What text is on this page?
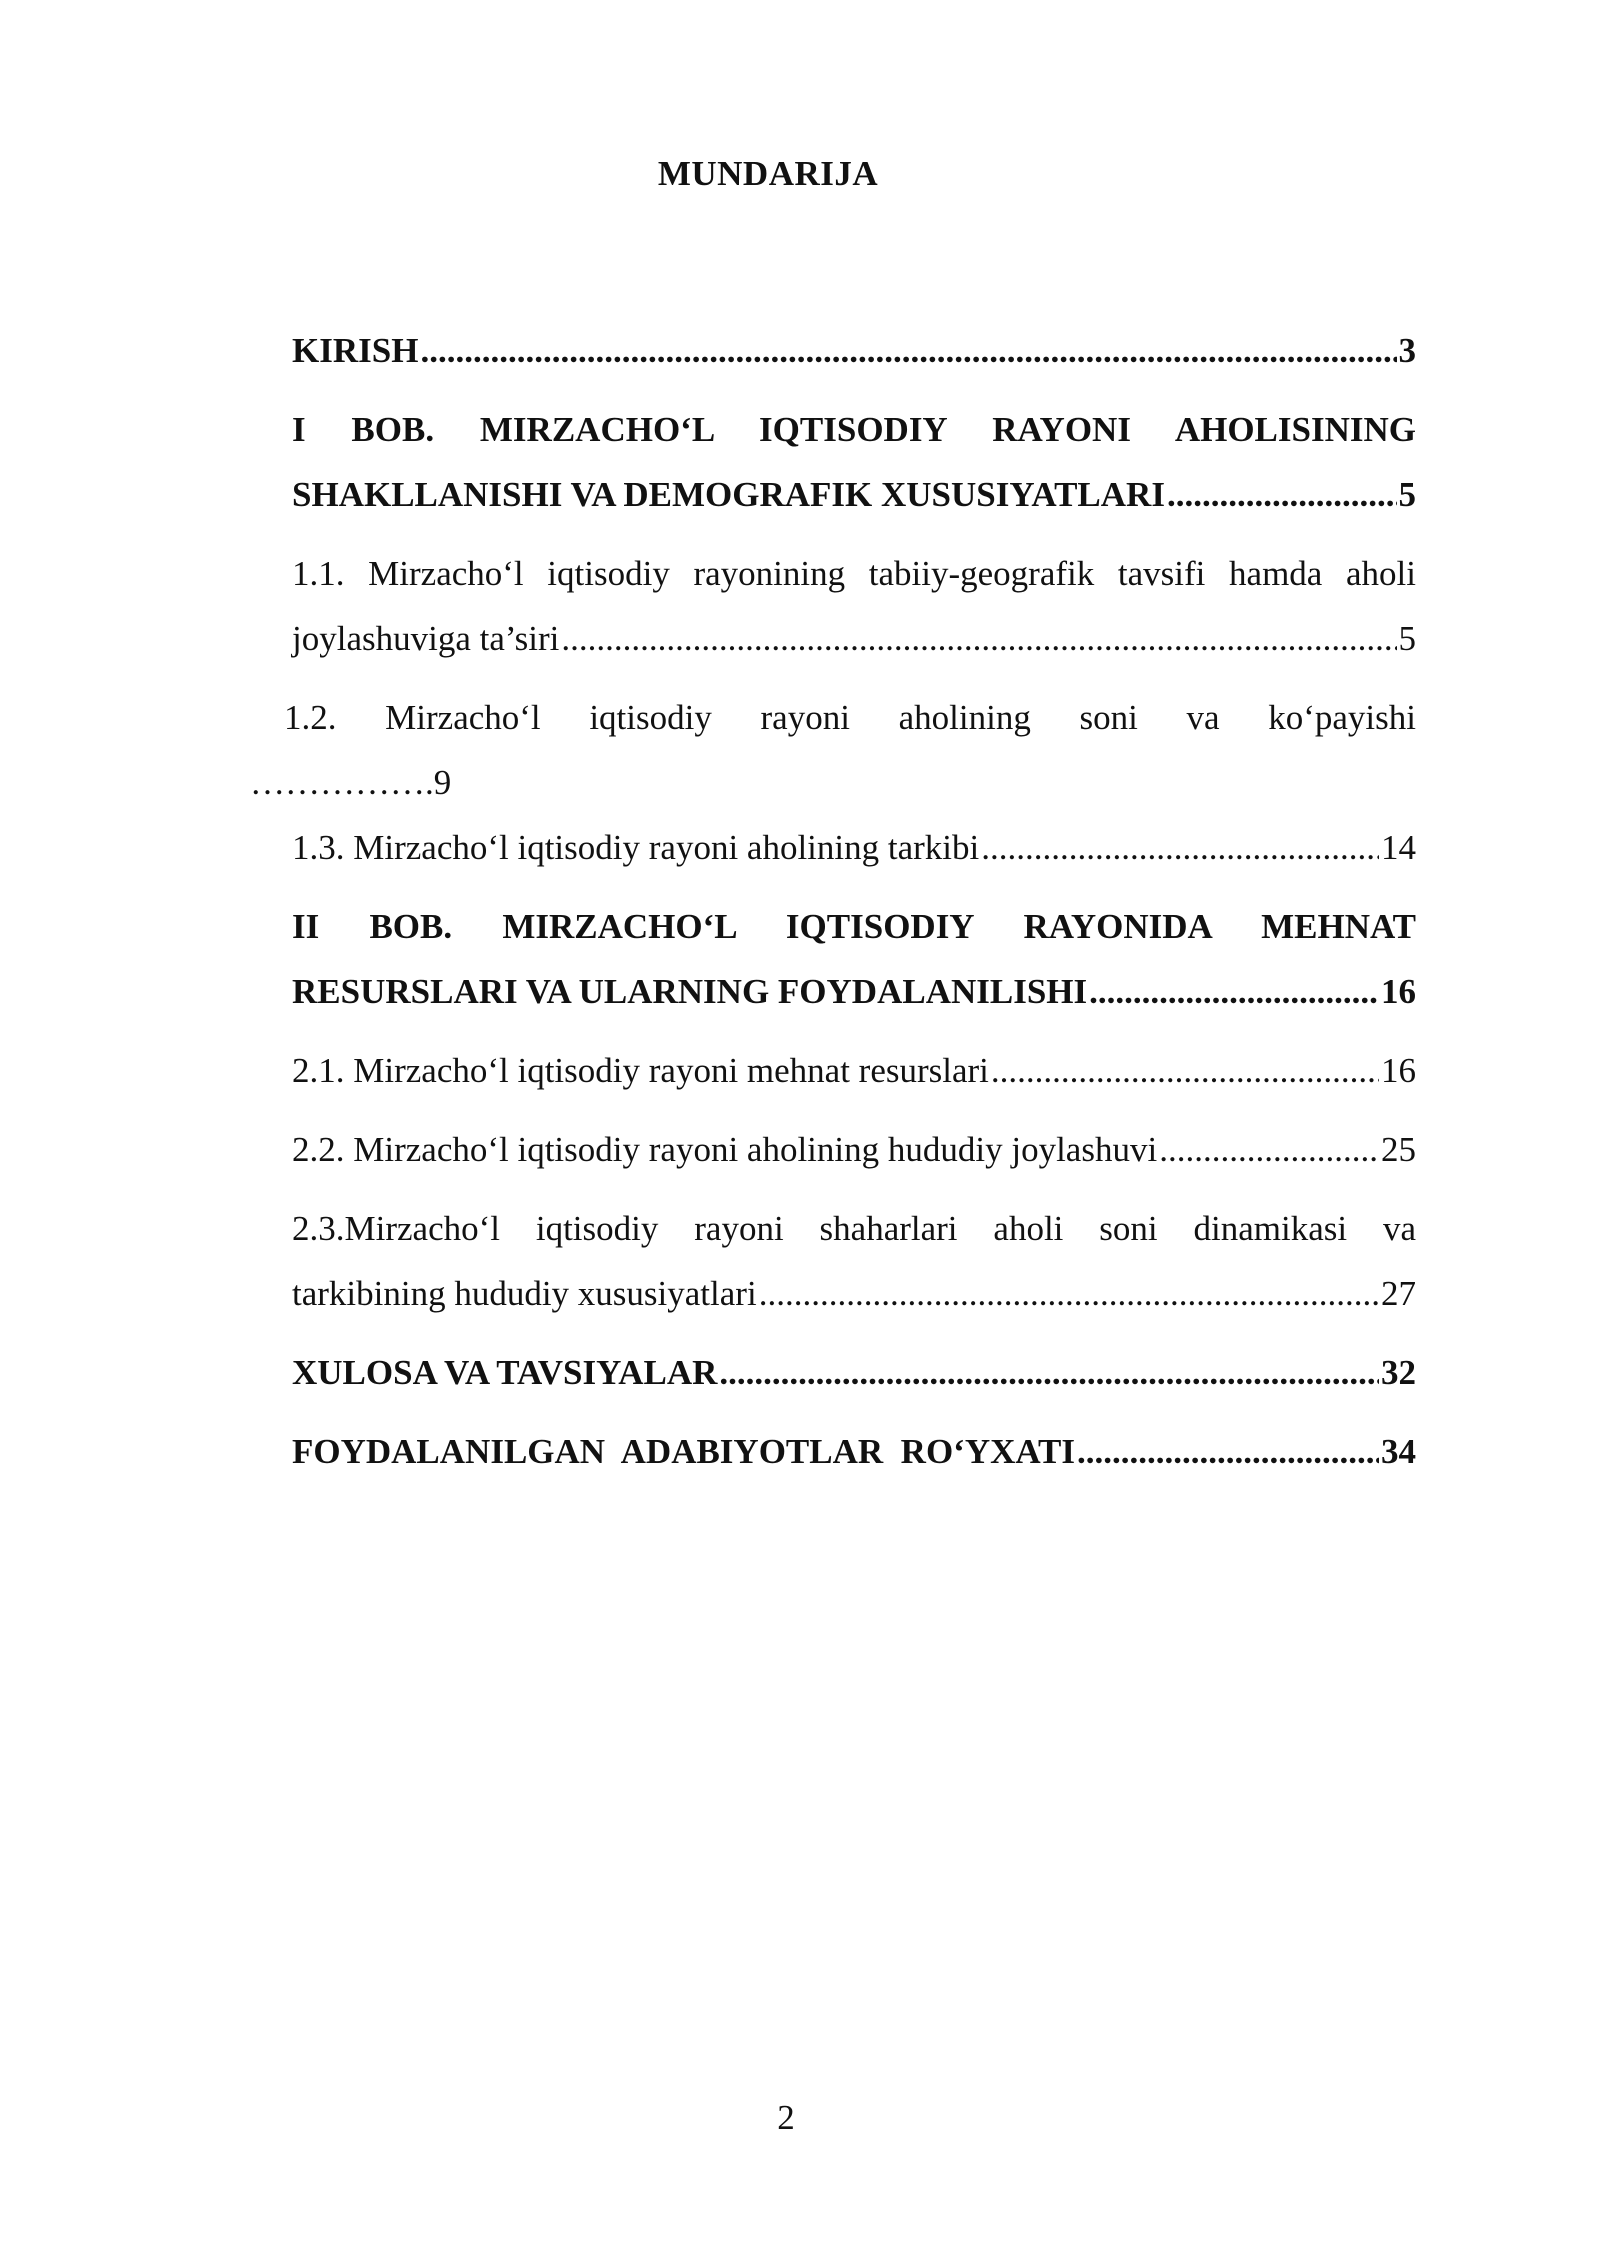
MUNDARIJA
KIRISH .....	3
I BOB. MIRZACHO‘L IQTISODIY RAYONI AHOLISINING
SHAKLLANISHI VA DEMOGRAFIK XUSUSIYATLARI .....	5
1.1. Mirzacho‘l iqtisodiy rayonining tabiiy-geografik tavsifi hamda aholi
joylashuviga ta’siri .....	5
1.2. Mirzacho‘l iqtisodiy rayoni aholining soni va ko‘payishi
…………….9
1.3. Mirzacho‘l iqtisodiy rayoni aholining tarkibi .....	14
II BOB. MIRZACHO‘L IQTISODIY RAYONIDA MEHNAT
RESURSLARI VA ULARNING FOYDALANILISHI .....	16
2.1. Mirzacho‘l iqtisodiy rayoni mehnat resurslari .....	16
2.2. Mirzacho‘l iqtisodiy rayoni aholining hududiy joylashuvi .....	25
2.3.Mirzacho‘l iqtisodiy rayoni shaharlari aholi soni dinamikasi va
tarkibining hududiy xususiyatlari .....	27
XULOSA VA TAVSIYALAR .....	32
FOYDALANILGAN  ADABIYOTLAR  RO‘YXATI .....	34
2
